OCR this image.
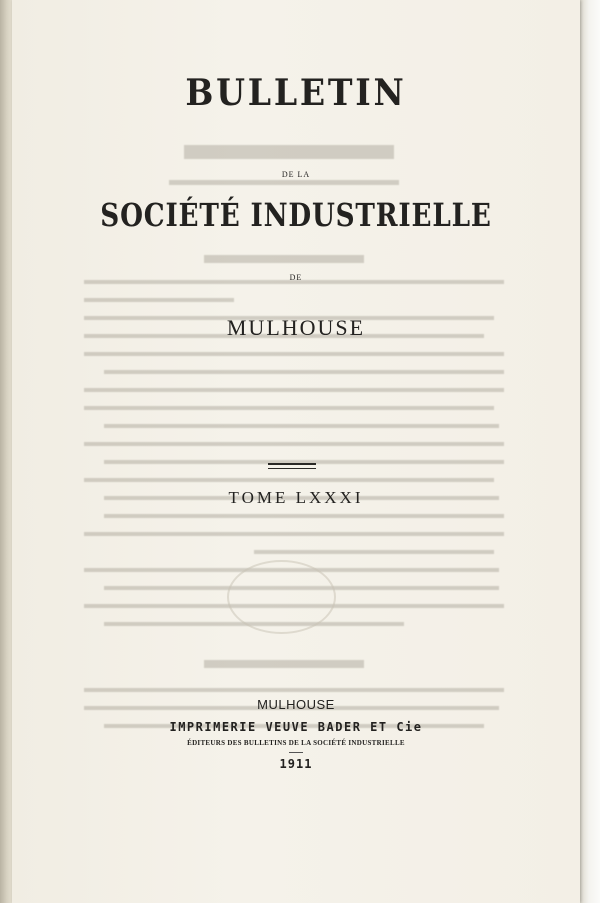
BULLETIN
DE LA
SOCIÉTÉ INDUSTRIELLE
DE
MULHOUSE
TOME LXXXI
MULHOUSE
IMPRIMERIE VEUVE BADER ET Cie
ÉDITEURS DES BULLETINS DE LA SOCIÉTÉ INDUSTRIELLE
1911
